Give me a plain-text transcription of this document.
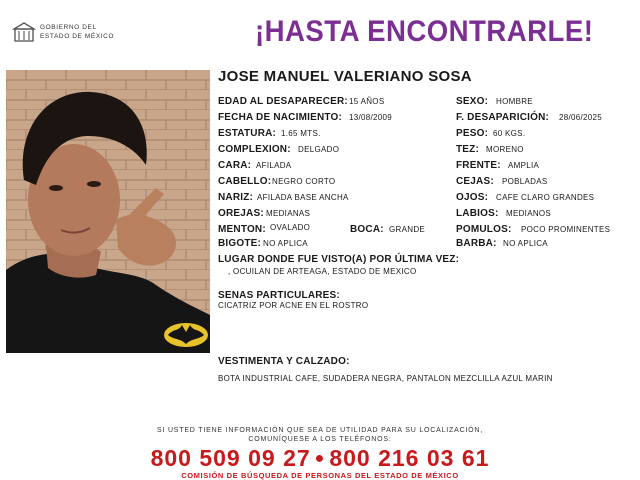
GOBIERNO DEL
ESTADO DE MÉXICO	¡HASTA ENCONTRARLE!
JOSE MANUEL VALERIANO SOSA
EDAD AL DESAPARECER: 15 AÑOS
FECHA DE NACIMIENTO: 13/08/2009
ESTATURA: 1.65 MTS.
COMPLEXION: DELGADO
CARA: AFILADA
CABELLO: NEGRO CORTO
NARIZ: AFILADA BASE ANCHA
OREJAS: MEDIANAS
MENTON: OVALADO	BOCA: GRANDE
BIGOTE: NO APLICA
SEXO: HOMBRE
F. DESAPARICIÓN: 28/06/2025
PESO: 60 KGS.
TEZ: MORENO
FRENTE: AMPLIA
CEJAS: POBLADAS
OJOS: CAFE CLARO GRANDES
LABIOS: MEDIANOS
POMULOS: POCO PROMINENTES
BARBA: NO APLICA
LUGAR DONDE FUE VISTO(A) POR ÚLTIMA VEZ:
, OCUILAN DE ARTEAGA, ESTADO DE MEXICO
SENAS PARTICULARES:
CICATRIZ POR ACNE EN EL ROSTRO
VESTIMENTA Y CALZADO:
BOTA INDUSTRIAL CAFE, SUDADERA NEGRA, PANTALON MEZCLILLA AZUL MARIN
SI USTED TIENE INFORMACIÓN QUE SEA DE UTILIDAD PARA SU LOCALIZACIÓN,
COMUNÍQUESE A LOS TELÉFONOS:
800 509 09 27 ● 800 216 03 61
COMISIÓN DE BÚSQUEDA DE PERSONAS DEL ESTADO DE MÉXICO
